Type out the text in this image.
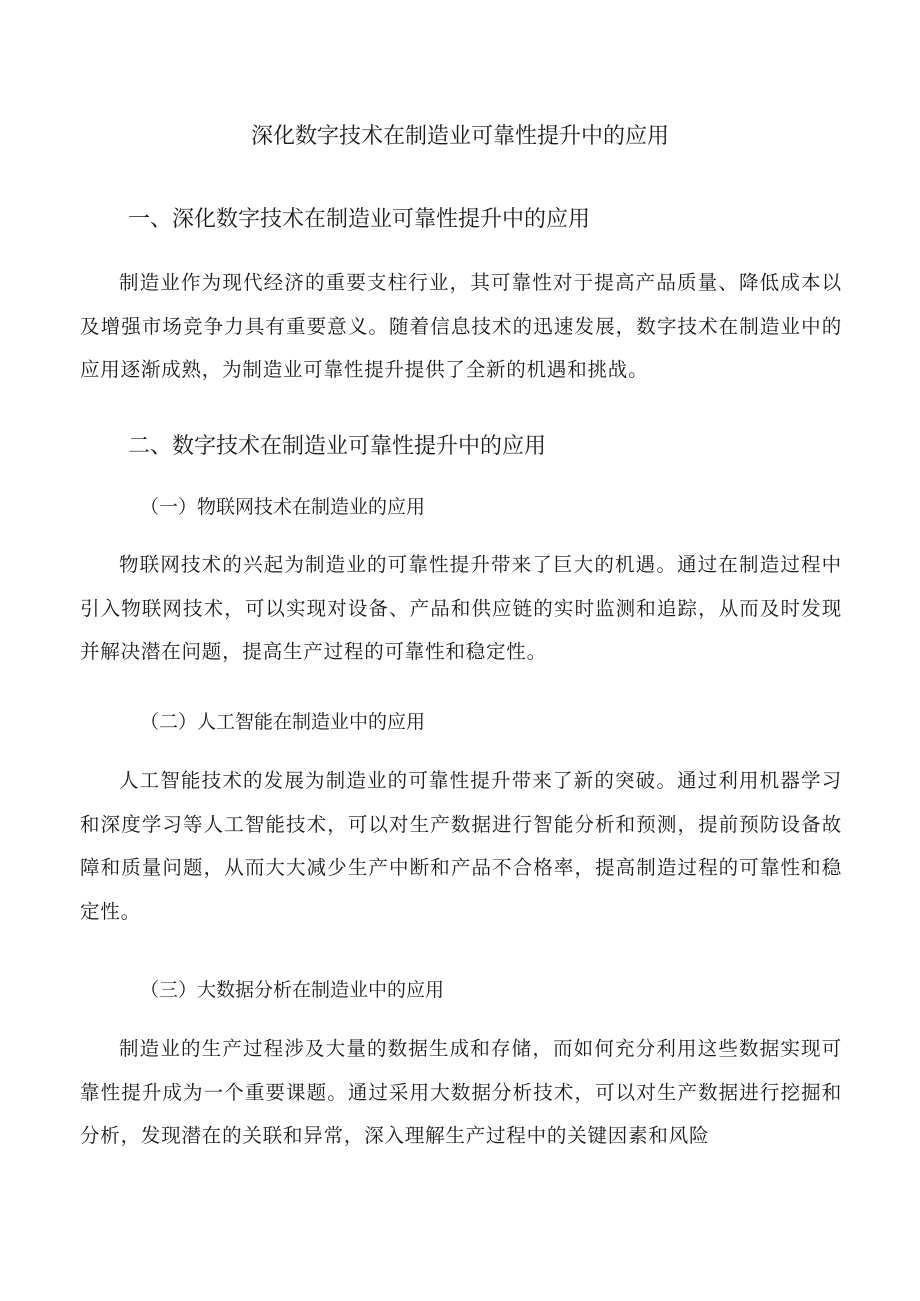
深化数字技术在制造业可靠性提升中的应用
一、深化数字技术在制造业可靠性提升中的应用

制造业作为现代经济的重要支柱行业，其可靠性对于提高产品质量、降低成本以及增强市场竞争力具有重要意义。随着信息技术的迅速发展，数字技术在制造业中的应用逐渐成熟，为制造业可靠性提升提供了全新的机遇和挑战。

二、数字技术在制造业可靠性提升中的应用
（一）物联网技术在制造业的应用

物联网技术的兴起为制造业的可靠性提升带来了巨大的机遇。通过在制造过程中引入物联网技术，可以实现对设备、产品和供应链的实时监测和追踪，从而及时发现并解决潜在问题，提高生产过程的可靠性和稳定性。

（二）人工智能在制造业中的应用

人工智能技术的发展为制造业的可靠性提升带来了新的突破。通过利用机器学习和深度学习等人工智能技术，可以对生产数据进行智能分析和预测，提前预防设备故障和质量问题，从而大大减少生产中断和产品不合格率，提高制造过程的可靠性和稳定性。

（三）大数据分析在制造业中的应用

制造业的生产过程涉及大量的数据生成和存储，而如何充分利用这些数据实现可靠性提升成为一个重要课题。通过采用大数据分析技术，可以对生产数据进行挖掘和分析，发现潜在的关联和异常，深入理解生产过程中的关键因素和风险
